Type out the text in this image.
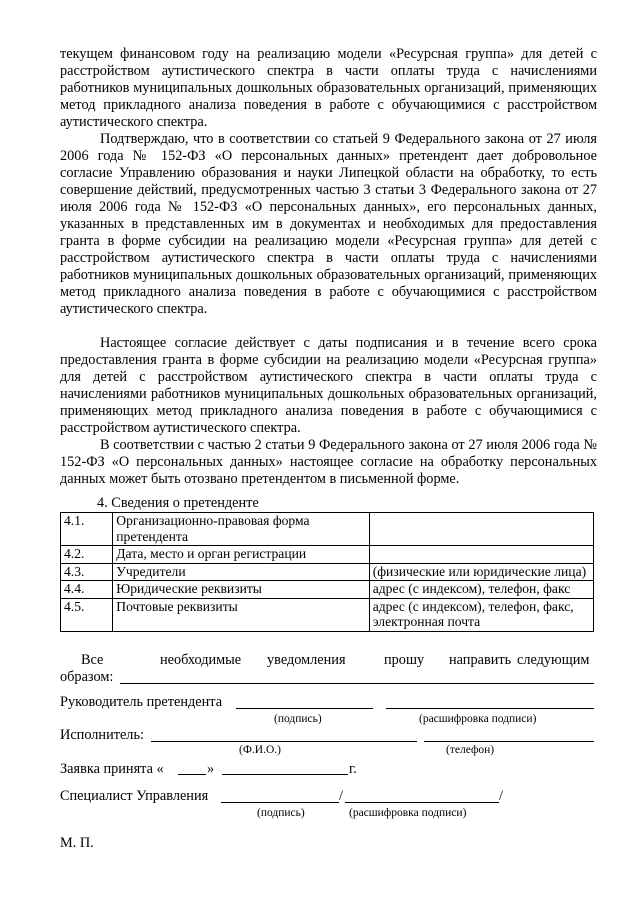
текущем финансовом году на реализацию модели «Ресурсная группа» для детей с расстройством аутистического спектра в части оплаты труда с начислениями работников муниципальных дошкольных образовательных организаций, применяющих метод прикладного анализа поведения в работе с обучающимися с расстройством аутистического спектра.

Подтверждаю, что в соответствии со статьей 9 Федерального закона от 27 июля 2006 года № 152-ФЗ «О персональных данных» претендент дает добровольное согласие Управлению образования и науки Липецкой области на обработку, то есть совершение действий, предусмотренных частью 3 статьи 3 Федерального закона от 27 июля 2006 года № 152-ФЗ «О персональных данных», его персональных данных, указанных в представленных им в документах и необходимых для предоставления гранта в форме субсидии на реализацию модели «Ресурсная группа» для детей с расстройством аутистического спектра в части оплаты труда с начислениями работников муниципальных дошкольных образовательных организаций, применяющих метод прикладного анализа поведения в работе с обучающимися с расстройством аутистического спектра.

Настоящее согласие действует с даты подписания и в течение всего срока предоставления гранта в форме субсидии на реализацию модели «Ресурсная группа» для детей с расстройством аутистического спектра в части оплаты труда с начислениями работников муниципальных дошкольных образовательных организаций, применяющих метод прикладного анализа поведения в работе с обучающимися с расстройством аутистического спектра.

В соответствии с частью 2 статьи 9 Федерального закона от 27 июля 2006 года № 152-ФЗ «О персональных данных» настоящее согласие на обработку персональных данных может быть отозвано претендентом в письменной форме.

4. Сведения о претенденте

4.1.	Организационно-правовая форма претендента	
4.2.	Дата, место и орган регистрации	
4.3.	Учредители	(физические или юридические лица)
4.4.	Юридические реквизиты	адрес (с индексом), телефон, факс
4.5.	Почтовые реквизиты	адрес (с индексом), телефон, факс, электронная почта
Все	необходимые уведомления	прошу направить следующим
образом:
Руководитель претендента
(подпись)	(расшифровка подписи)
Исполнитель:
(Ф.И.О.)	(телефон)
Заявка принята «	»	г.
Специалист Управления	/	/
(подпись)	(расшифровка подписи)
М. П.
